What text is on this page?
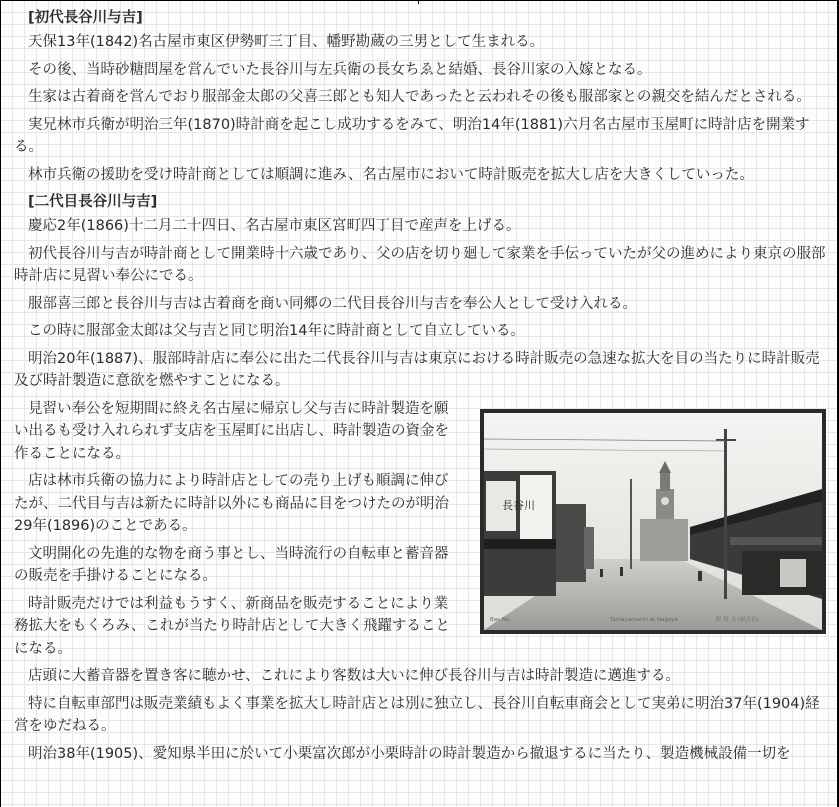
[初代長谷川与吉]

天保13年(1842)名古屋市東区伊勢町三丁目、幡野勘蔵の三男として生まれる。

その後、当時砂糖問屋を営んでいた長谷川与左兵衛の長女ちゑと結婚、長谷川家の入嫁となる。

生家は古着商を営んでおり服部金太郎の父喜三郎とも知人であったと云われその後も服部家との親交を結んだとされる。

実兄林市兵衛が明治三年(1870)時計商を起こし成功するをみて、明治14年(1881)六月名古屋市玉屋町に時計店を開業する。

林市兵衛の援助を受け時計商としては順調に進み、名古屋市において時計販売を拡大し店を大きくしていった。

[二代目長谷川与吉]

慶応2年(1866)十二月二十四日、名古屋市東区宮町四丁目で産声を上げる。

初代長谷川与吉が時計商として開業時十六歳であり、父の店を切り廻して家業を手伝っていたが父の進めにより東京の服部時計店に見習い奉公にでる。

服部喜三郎と長谷川与吉は古着商を商い同郷の二代目長谷川与吉を奉公人として受け入れる。

この時に服部金太郎は父与吉と同じ明治14年に時計商として自立している。

明治20年(1887)、服部時計店に奉公に出た二代長谷川与吉は東京における時計販売の急速な拡大を目の当たりに時計販売及び時計製造に意欲を燃やすことになる。

長谷川
Bas No.	Tamayamachi at Nagoya	町 屋 玉 (屋古名)

見習い奉公を短期間に終え名古屋に帰京し父与吉に時計製造を願い出るも受け入れられず支店を玉屋町に出店し、時計製造の資金を作ることになる。

店は林市兵衛の協力により時計店としての売り上げも順調に伸びたが、二代目与吉は新たに時計以外にも商品に目をつけたのが明治29年(1896)のことである。

文明開化の先進的な物を商う事とし、当時流行の自転車と蓄音器の販売を手掛けることになる。

時計販売だけでは利益もうすく、新商品を販売することにより業務拡大をもくろみ、これが当たり時計店として大きく飛躍することになる。

店頭に大蓄音器を置き客に聴かせ、これにより客数は大いに伸び長谷川与吉は時計製造に邁進する。

特に自転車部門は販売業績もよく事業を拡大し時計店とは別に独立し、長谷川自転車商会として実弟に明治37年(1904)経営をゆだねる。

明治38年(1905)、愛知県半田に於いて小栗富次郎が小栗時計の時計製造から撤退するに当たり、製造機械設備一切を
